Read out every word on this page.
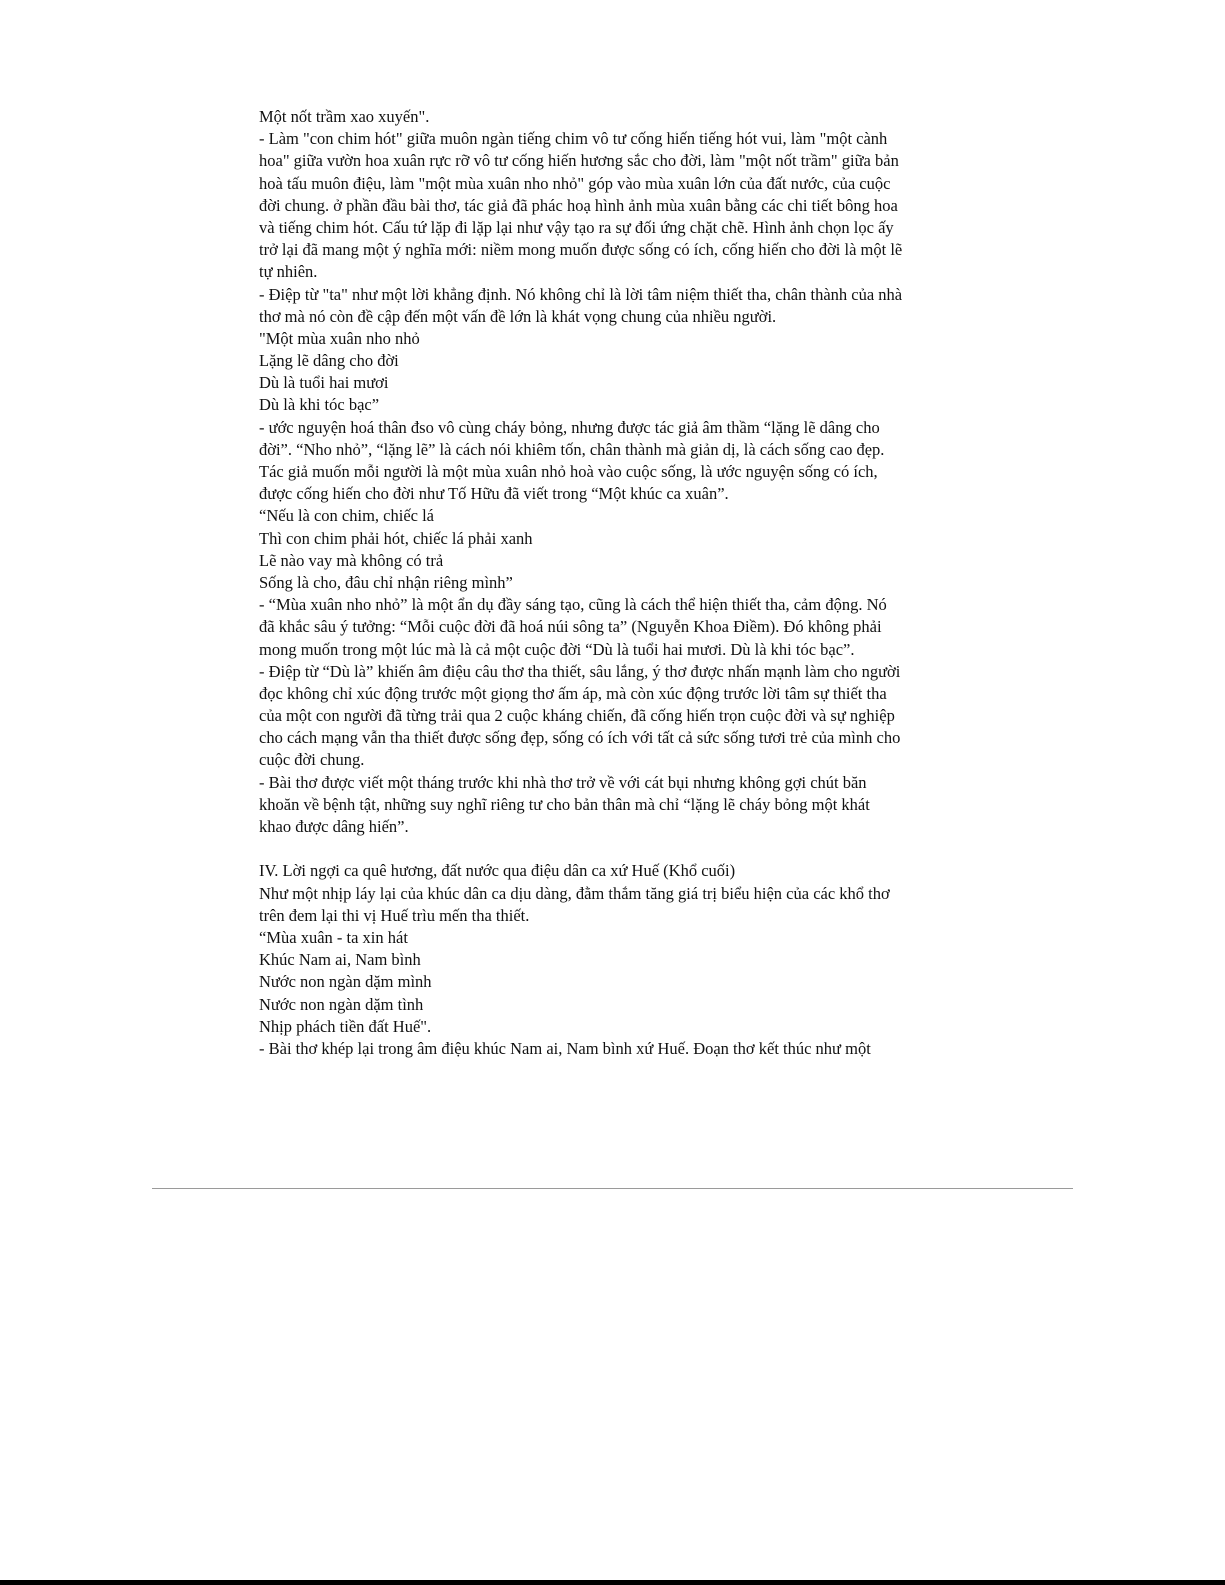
Một nốt trầm xao xuyến".
- Làm "con chim hót" giữa muôn ngàn tiếng chim vô tư cống hiến tiếng hót vui, làm "một cành
hoa" giữa vườn hoa xuân rực rỡ vô tư cống hiến hương sắc cho đời, làm "một nốt trầm" giữa bản
hoà tấu muôn điệu, làm "một mùa xuân nho nhỏ" góp vào mùa xuân lớn của đất nước, của cuộc
đời chung. ở phần đầu bài thơ, tác giả đã phác hoạ hình ảnh mùa xuân bằng các chi tiết bông hoa
và tiếng chim hót. Cấu tứ lặp đi lặp lại như vậy tạo ra sự đối ứng chặt chẽ. Hình ảnh chọn lọc ấy
trở lại đã mang một ý nghĩa mới: niềm mong muốn được sống có ích, cống hiến cho đời là một lẽ
tự nhiên.
- Điệp từ "ta" như một lời khẳng định. Nó không chỉ là lời tâm niệm thiết tha, chân thành của nhà
thơ mà nó còn đề cập đến một vấn đề lớn là khát vọng chung của nhiều người.
"Một mùa xuân nho nhỏ
Lặng lẽ dâng cho đời
Dù là tuổi hai mươi
Dù là khi tóc bạc”
- ước nguyện hoá thân đso vô cùng cháy bỏng, nhưng được tác giả âm thầm “lặng lẽ dâng cho
đời”. “Nho nhỏ”, “lặng lẽ” là cách nói khiêm tốn, chân thành mà giản dị, là cách sống cao đẹp.
Tác giả muốn mỗi người là một mùa xuân nhỏ hoà vào cuộc sống, là ước nguyện sống có ích,
được cống hiến cho đời như Tố Hữu đã viết trong “Một khúc ca xuân”.
“Nếu là con chim, chiếc lá
Thì con chim phải hót, chiếc lá phải xanh
Lẽ nào vay mà không có trả
Sống là cho, đâu chỉ nhận riêng mình”
- “Mùa xuân nho nhỏ” là một ẩn dụ đầy sáng tạo, cũng là cách thể hiện thiết tha, cảm động. Nó
đã khắc sâu ý tưởng: “Mỗi cuộc đời đã hoá núi sông ta” (Nguyễn Khoa Điềm). Đó không phải
mong muốn trong một lúc mà là cả một cuộc đời “Dù là tuổi hai mươi. Dù là khi tóc bạc”.
- Điệp từ “Dù là” khiến âm điệu câu thơ tha thiết, sâu lắng, ý thơ được nhấn mạnh làm cho người
đọc không chỉ xúc động trước một giọng thơ ấm áp, mà còn xúc động trước lời tâm sự thiết tha
của một con người đã từng trải qua 2 cuộc kháng chiến, đã cống hiến trọn cuộc đời và sự nghiệp
cho cách mạng vẫn tha thiết được sống đẹp, sống có ích với tất cả sức sống tươi trẻ của mình cho
cuộc đời chung.
- Bài thơ được viết một tháng trước khi nhà thơ trở về với cát bụi nhưng không gợi chút băn
khoăn về bệnh tật, những suy nghĩ riêng tư cho bản thân mà chỉ “lặng lẽ cháy bỏng một khát
khao được dâng hiến”.
IV. Lời ngợi ca quê hương, đất nước qua điệu dân ca xứ Huế (Khổ cuối)
Như một nhịp láy lại của khúc dân ca dịu dàng, đằm thắm tăng giá trị biểu hiện của các khổ thơ
trên đem lại thi vị Huế trìu mến tha thiết.
“Mùa xuân - ta xin hát
Khúc Nam ai, Nam bình
Nước non ngàn dặm mình
Nước non ngàn dặm tình
Nhịp phách tiền đất Huế".
- Bài thơ khép lại trong âm điệu khúc Nam ai, Nam bình xứ Huế. Đoạn thơ kết thúc như một
